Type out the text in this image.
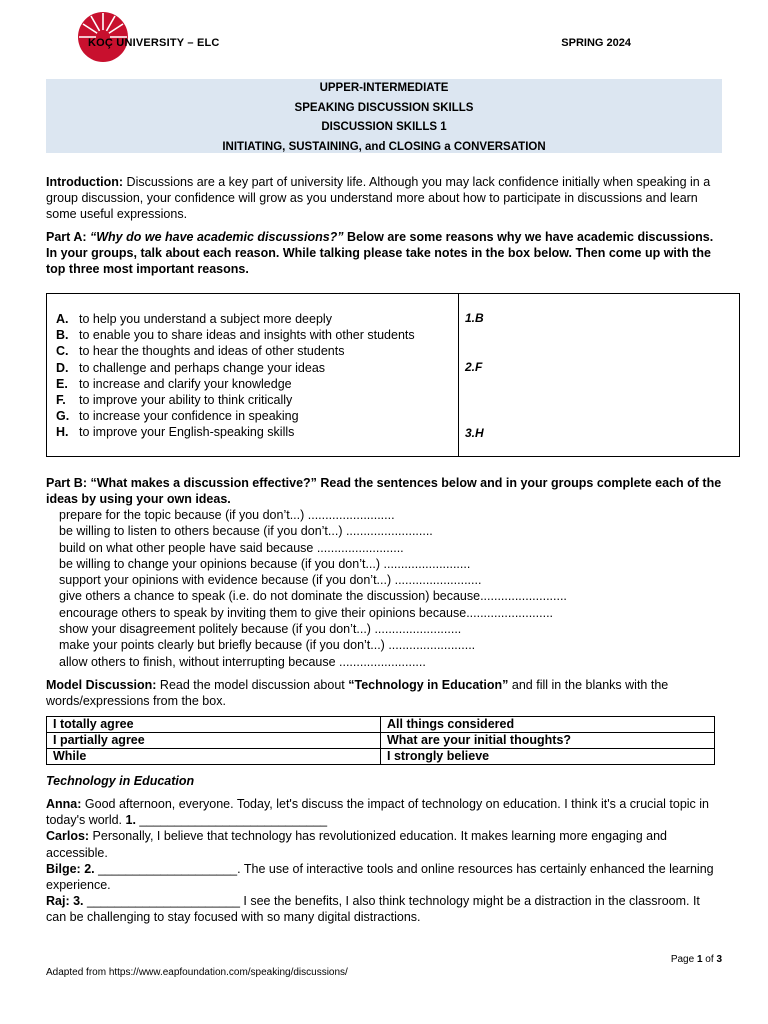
KOÇ UNIVERSITY – ELC	SPRING 2024
UPPER-INTERMEDIATE
SPEAKING DISCUSSION SKILLS
DISCUSSION SKILLS 1
INITIATING, SUSTAINING, and CLOSING a CONVERSATION
Introduction: Discussions are a key part of university life. Although you may lack confidence initially when speaking in a group discussion, your confidence will grow as you understand more about how to participate in discussions and learn some useful expressions.
Part A: “Why do we have academic discussions?” Below are some reasons why we have academic discussions. In your groups, talk about each reason. While talking please take notes in the box below. Then come up with the top three most important reasons.
A. to help you understand a subject more deeply
B. to enable you to share ideas and insights with other students
C. to hear the thoughts and ideas of other students
D. to challenge and perhaps change your ideas
E. to increase and clarify your knowledge
F. to improve your ability to think critically
G. to increase your confidence in speaking
H. to improve your English-speaking skills
1.B
2.F
3.H
Part B: “What makes a discussion effective?” Read the sentences below and in your groups complete each of the ideas by using your own ideas.
prepare for the topic because (if you don’t...) .........................
be willing to listen to others because (if you don’t...) .........................
build on what other people have said because .........................
be willing to change your opinions because (if you don’t...) .........................
support your opinions with evidence because (if you don’t...) .........................
give others a chance to speak (i.e. do not dominate the discussion) because.........................
encourage others to speak by inviting them to give their opinions because.........................
show your disagreement politely because (if you don’t...) .........................
make your points clearly but briefly because (if you don’t...) .........................
allow others to finish, without interrupting because .........................
Model Discussion: Read the model discussion about “Technology in Education” and fill in the blanks with the words/expressions from the box.
I totally agree	All things considered
I partially agree	What are your initial thoughts?
While	I strongly believe
Technology in Education

Anna: Good afternoon, everyone. Today, let's discuss the impact of technology on education. I think it's a crucial topic in today's world. 1. ___________________________

Carlos: Personally, I believe that technology has revolutionized education. It makes learning more engaging and accessible.

Bilge: 2. ____________________. The use of interactive tools and online resources has certainly enhanced the learning experience.

Raj: 3. ______________________ I see the benefits, I also think technology might be a distraction in the classroom. It can be challenging to stay focused with so many digital distractions.

Adapted from https://www.eapfoundation.com/speaking/discussions/
Page 1 of 3
